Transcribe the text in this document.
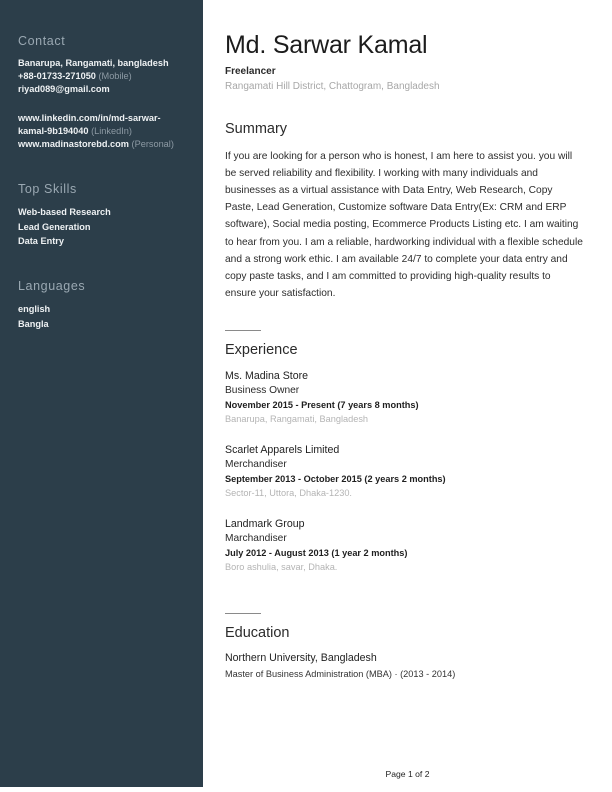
Contact

Banarupa, Rangamati, bangladesh

+88-01733-271050 (Mobile)

riyad089@gmail.com

www.linkedin.com/in/md-sarwar-kamal-9b194040 (LinkedIn)

www.madinastorebd.com (Personal)

Top Skills

Web-based Research

Lead Generation

Data Entry

Languages

english

Bangla

Md. Sarwar Kamal

Freelancer

Rangamati Hill District, Chattogram, Bangladesh

Summary

If you are looking for a person who is honest, I am here to assist you. you will be served reliability and flexibility. I working with many individuals and businesses as a virtual assistance with Data Entry, Web Research, Copy Paste, Lead Generation, Customize software Data Entry(Ex: CRM and ERP software), Social media posting, Ecommerce Products Listing etc. I am waiting to hear from you. I am a reliable, hardworking individual with a flexible schedule and a strong work ethic. I am available 24/7 to complete your data entry and copy paste tasks, and I am committed to providing high-quality results to ensure your satisfaction.

Experience

Ms. Madina Store

Business Owner

November 2015 - Present (7 years 8 months)

Banarupa, Rangamati, Bangladesh

Scarlet Apparels Limited

Merchandiser

September 2013 - October 2015 (2 years 2 months)

Sector-11, Uttora, Dhaka-1230.

Landmark Group

Marchandiser

July 2012 - August 2013 (1 year 2 months)

Boro ashulia, savar, Dhaka.

Education

Northern University, Bangladesh

Master of Business Administration (MBA) · (2013 - 2014)

Page 1 of 2
